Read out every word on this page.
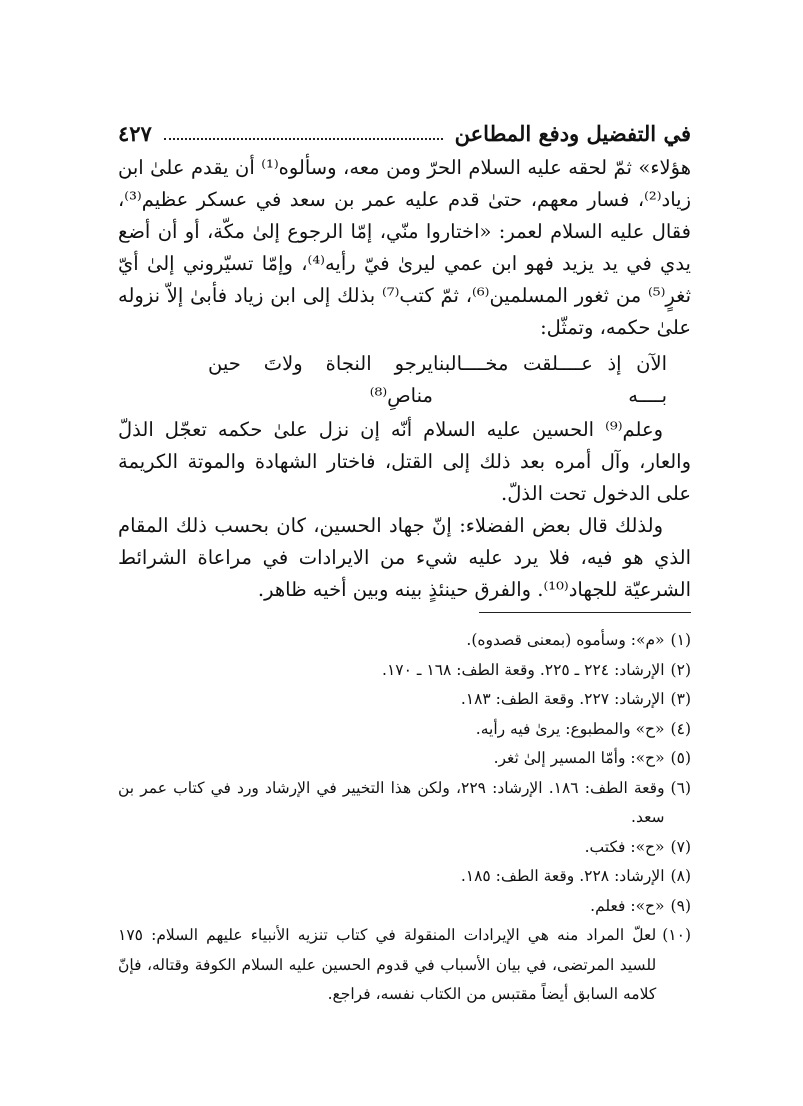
في التفضيل ودفع المطاعن
٤٢٧

هؤلاء» ثمّ لحقه عليه السلام الحرّ ومن معه، وسألوه⁽¹⁾ أن يقدم علىٰ ابن زياد⁽²⁾، فسار معهم، حتىٰ قدم عليه عمر بن سعد في عسكر عظيم⁽³⁾، فقال عليه السلام لعمر: «اختاروا منّي، إمّا الرجوع إلىٰ مكّة، أو أن أضع يدي في يد يزيد فهو ابن عمي ليرىٰ فيّ رأيه⁽⁴⁾، وإمّا تسيّروني إلىٰ أيّ ثغرٍ⁽⁵⁾ من ثغور المسلمين⁽⁶⁾، ثمّ كتب⁽⁷⁾ بذلك إلى ابن زياد فأبىٰ إلاّ نزوله علىٰ حكمه، وتمثّل:

الآن إذ عــــلقت مخــــالبنا بــــه
يرجو النجاة ولاتَ حين مناصِ⁽⁸⁾

وعلم⁽⁹⁾ الحسين عليه السلام أنّه إن نزل علىٰ حكمه تعجّل الذلّ والعار، وآل أمره بعد ذلك إلى القتل، فاختار الشهادة والموتة الكريمة على الدخول تحت الذلّ.

ولذلك قال بعض الفضلاء: إنّ جهاد الحسين، كان بحسب ذلك المقام الذي هو فيه، فلا يرد عليه شيء من الايرادات في مراعاة الشرائط الشرعيّة للجهاد⁽¹⁰⁾. والفرق حينئذٍ بينه وبين أخيه ظاهر.

(١)
«م»: وسأموه (بمعنى قصدوه).
(٢)
الإرشاد: ٢٢٤ ـ ٢٢٥. وقعة الطف: ١٦٨ ـ ١٧٠.
(٣)
الإرشاد: ٢٢٧. وقعة الطف: ١٨٣.
(٤)
«ح» والمطبوع: يرىٰ فيه رأيه.
(٥)
«ح»: وأمّا المسير إلىٰ ثغر.
(٦)
وقعة الطف: ١٨٦. الإرشاد: ٢٢٩، ولكن هذا التخيير في الإرشاد ورد في كتاب عمر بن سعد.
(٧)
«ح»: فكتب.
(٨)
الإرشاد: ٢٢٨. وقعة الطف: ١٨٥.
(٩)
«ح»: فعلم.
(١٠)
لعلّ المراد منه هي الإيرادات المنقولة في كتاب تنزيه الأنبياء عليهم السلام: ١٧٥ للسيد المرتضى، في بيان الأسباب في قدوم الحسين عليه السلام الكوفة وقتاله، فإنّ كلامه السابق أيضاً مقتبس من الكتاب نفسه، فراجع.
